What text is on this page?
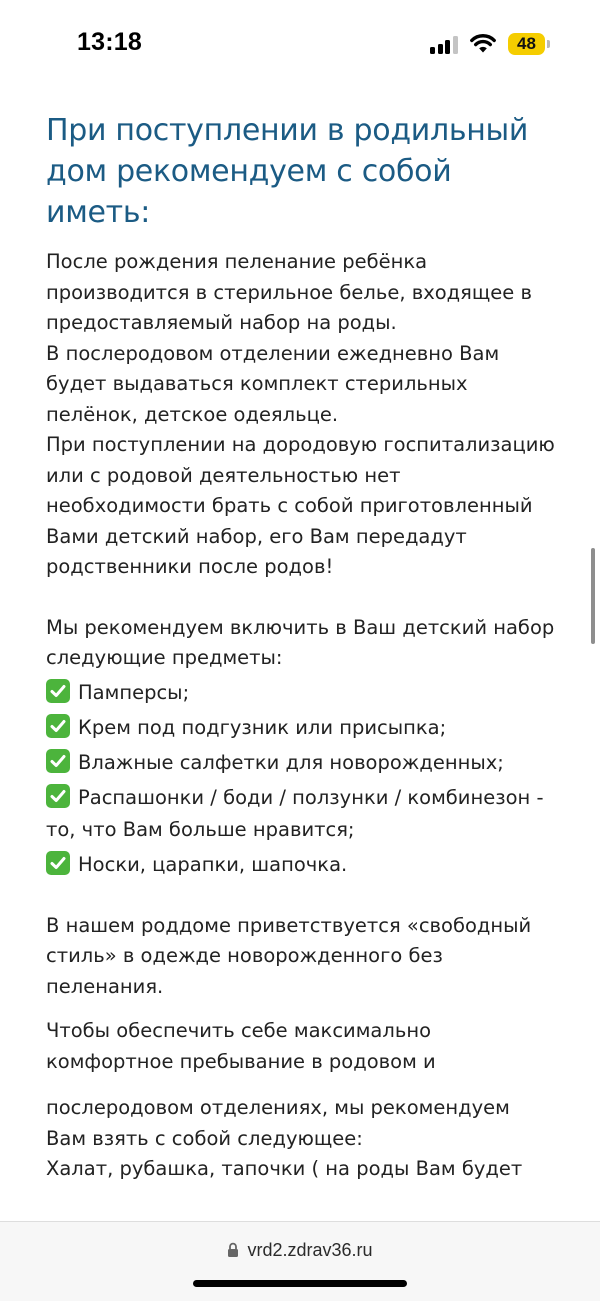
13:18	48
При поступлении в родильный дом рекомендуем с собой иметь:
После рождения пеленание ребёнка производится в стерильное белье, входящее в предоставляемый набор на роды.
В послеродовом отделении ежедневно Вам будет выдаваться комплект стерильных пелёнок, детское одеяльце.
При поступлении на дородовую госпитализацию или с родовой деятельностью нет необходимости брать с собой приготовленный Вами детский набор, его Вам передадут родственники после родов!
Мы рекомендуем включить в Ваш детский набор следующие предметы:
Памперсы;
Крем под подгузник или присыпка;
Влажные салфетки для новорожденных;
Распашонки / боди / ползунки / комбинезон - то, что Вам больше нравится;
Носки, царапки, шапочка.
В нашем роддоме приветствуется «свободный стиль» в одежде новорожденного без пеленания.
Чтобы обеспечить себе максимально комфортное пребывание в родовом и
послеродовом отделениях, мы рекомендуем Вам взять с собой следующее:
Халат, рубашка, тапочки ( на роды Вам будет
vrd2.zdrav36.ru
